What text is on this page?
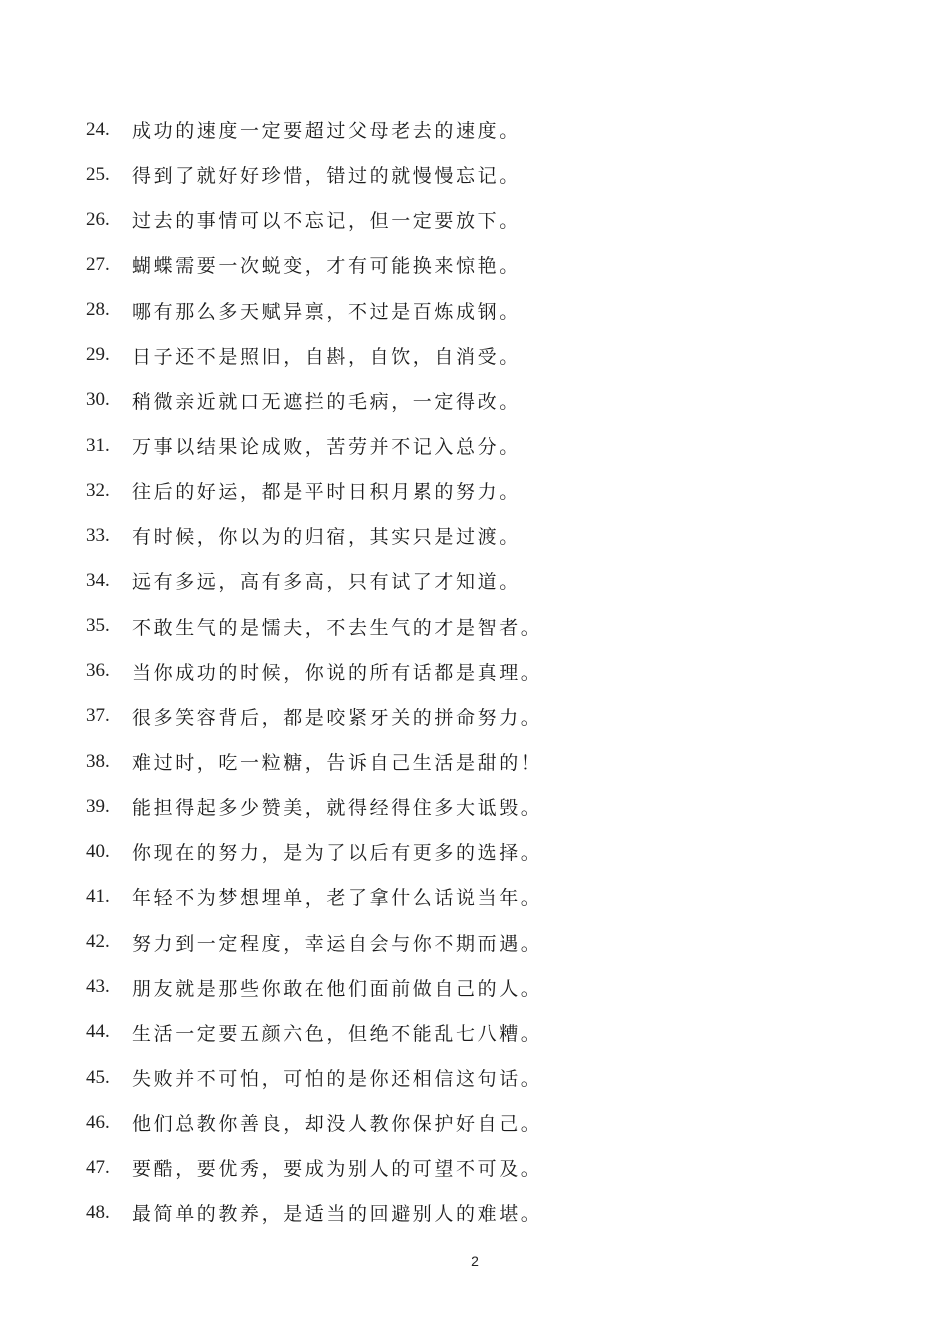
24.	成功的速度一定要超过父母老去的速度。
25.	得到了就好好珍惜，错过的就慢慢忘记。
26.	过去的事情可以不忘记，但一定要放下。
27.	蝴蝶需要一次蜕变，才有可能换来惊艳。
28.	哪有那么多天赋异禀，不过是百炼成钢。
29.	日子还不是照旧，自斟，自饮，自消受。
30.	稍微亲近就口无遮拦的毛病，一定得改。
31.	万事以结果论成败，苦劳并不记入总分。
32.	往后的好运，都是平时日积月累的努力。
33.	有时候，你以为的归宿，其实只是过渡。
34.	远有多远，高有多高，只有试了才知道。
35.	不敢生气的是懦夫，不去生气的才是智者。
36.	当你成功的时候，你说的所有话都是真理。
37.	很多笑容背后，都是咬紧牙关的拼命努力。
38.	难过时，吃一粒糖，告诉自己生活是甜的！
39.	能担得起多少赞美，就得经得住多大诋毁。
40.	你现在的努力，是为了以后有更多的选择。
41.	年轻不为梦想埋单，老了拿什么话说当年。
42.	努力到一定程度，幸运自会与你不期而遇。
43.	朋友就是那些你敢在他们面前做自己的人。
44.	生活一定要五颜六色，但绝不能乱七八糟。
45.	失败并不可怕，可怕的是你还相信这句话。
46.	他们总教你善良，却没人教你保护好自己。
47.	要酷，要优秀，要成为别人的可望不可及。
48.	最简单的教养，是适当的回避别人的难堪。
2
